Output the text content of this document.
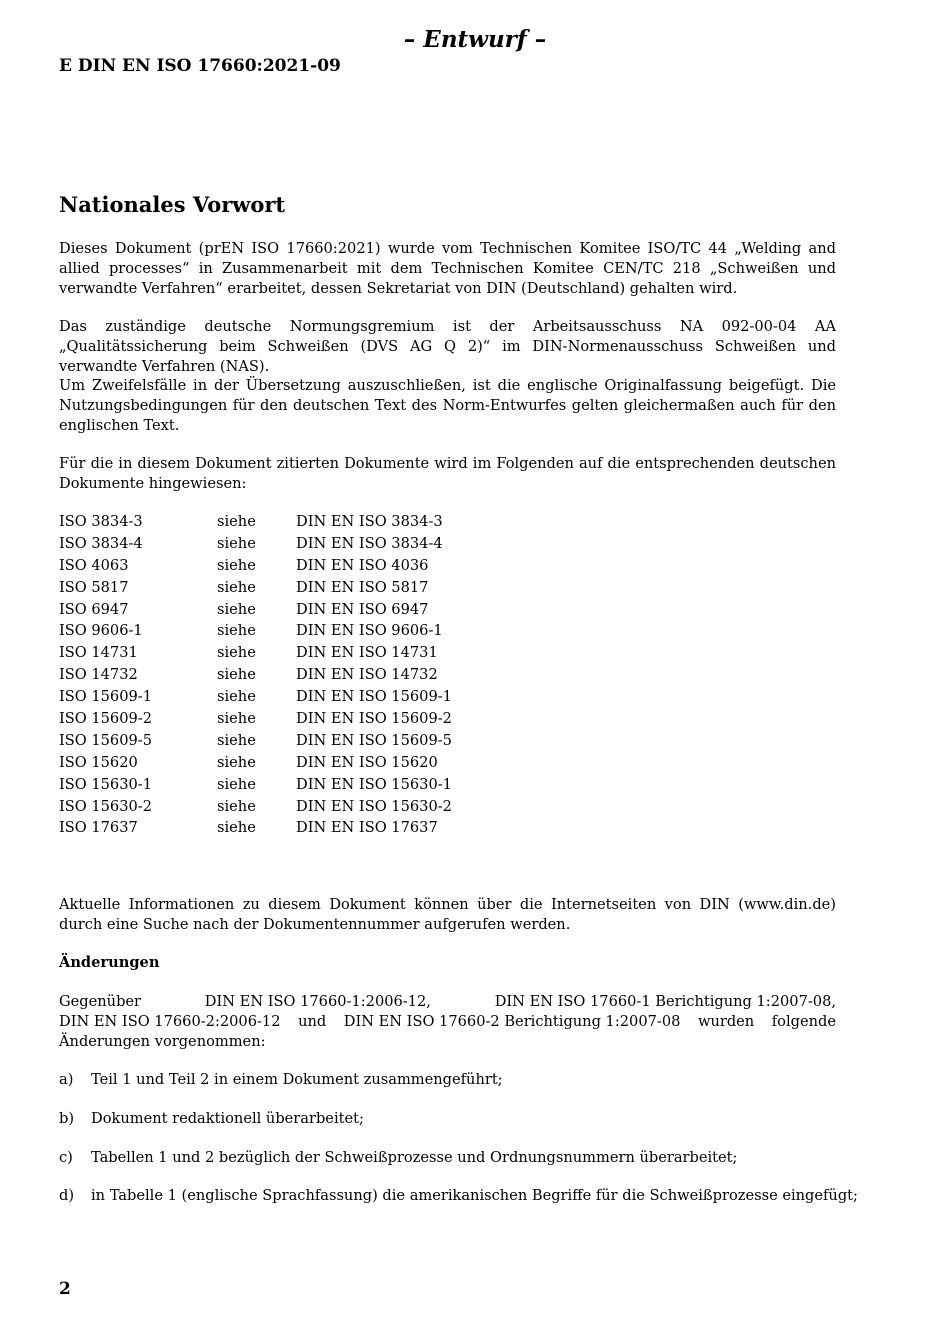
– Entwurf –
E DIN EN ISO 17660:2021-09
Nationales Vorwort
Dieses Dokument (prEN ISO 17660:2021) wurde vom Technischen Komitee ISO/TC 44 „Welding and allied processes“ in Zusammenarbeit mit dem Technischen Komitee CEN/TC 218 „Schweißen und verwandte Verfahren“ erarbeitet, dessen Sekretariat von DIN (Deutschland) gehalten wird.
Das zuständige deutsche Normungsgremium ist der Arbeitsausschuss NA 092-00-04 AA „Qualitätssicherung beim Schweißen (DVS AG Q 2)“ im DIN-Normenausschuss Schweißen und verwandte Verfahren (NAS).
Um Zweifelsfälle in der Übersetzung auszuschließen, ist die englische Originalfassung beigefügt. Die Nutzungsbedingungen für den deutschen Text des Norm-Entwurfes gelten gleichermaßen auch für den englischen Text.
Für die in diesem Dokument zitierten Dokumente wird im Folgenden auf die entsprechenden deutschen Dokumente hingewiesen:
ISO 3834-3	siehe	DIN EN ISO 3834-3
ISO 3834-4	siehe	DIN EN ISO 3834-4
ISO 4063	siehe	DIN EN ISO 4036
ISO 5817	siehe	DIN EN ISO 5817
ISO 6947	siehe	DIN EN ISO 6947
ISO 9606-1	siehe	DIN EN ISO 9606-1
ISO 14731	siehe	DIN EN ISO 14731
ISO 14732	siehe	DIN EN ISO 14732
ISO 15609-1	siehe	DIN EN ISO 15609-1
ISO 15609-2	siehe	DIN EN ISO 15609-2
ISO 15609-5	siehe	DIN EN ISO 15609-5
ISO 15620	siehe	DIN EN ISO 15620
ISO 15630-1	siehe	DIN EN ISO 15630-1
ISO 15630-2	siehe	DIN EN ISO 15630-2
ISO 17637	siehe	DIN EN ISO 17637
Aktuelle Informationen zu diesem Dokument können über die Internetseiten von DIN (www.din.de) durch eine Suche nach der Dokumentennummer aufgerufen werden.
Änderungen
Gegenüber	DIN EN ISO 17660-1:2006-12,	DIN EN ISO 17660-1 Berichtigung 1:2007-08,
DIN EN ISO 17660-2:2006-12 und DIN EN ISO 17660-2 Berichtigung 1:2007-08 wurden folgende
Änderungen vorgenommen:
a) Teil 1 und Teil 2 in einem Dokument zusammengeführt;
b) Dokument redaktionell überarbeitet;
c) Tabellen 1 und 2 bezüglich der Schweißprozesse und Ordnungsnummern überarbeitet;
d) in Tabelle 1 (englische Sprachfassung) die amerikanischen Begriffe für die Schweißprozesse eingefügt;
2
